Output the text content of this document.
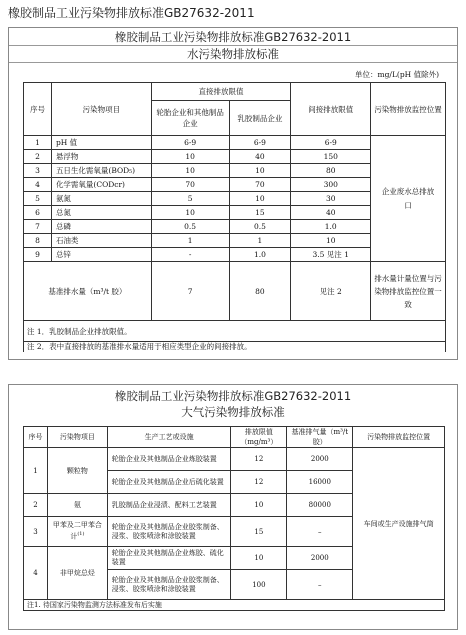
橡胶制品工业污染物排放标准GB27632-2011
橡胶制品工业污染物排放标准GB27632-2011
水污染物排放标准
单位：mg/L(pH 值除外)
序号	污染物项目	直接排放限值		间接排放限值	污染物排放监控位置
		轮胎企业和其他制品企业	乳胶制品企业		
1	pH 值	6-9	6-9	6-9	企业废水总排放口
2	悬浮物	10	40	150	
3	五日生化需氧量(BOD₅)	10	10	80	
4	化学需氧量(CODcr)	70	70	300	
5	氨氮	5	10	30	
6	总氮	10	15	40	
7	总磷	0.5	0.5	1.0	
8	石油类	1	1	10	
9	总锌	-	1.0	3.5 见注 1	
基准排水量（m³/t 胶）		7	80	见注 2	排水量计量位置与污染物排放监控位置一致
注 1．乳胶制品企业排放限值。					

注 2．表中直接排放的基准排水量适用于相应类型企业的间接排放。					
橡胶制品工业污染物排放标准GB27632-2011
大气污染物排放标准
序号	污染物项目	生产工艺或设施	排放限值（mg/m³）	基准排气量（m³/t 胶）	污染物排放监控位置
1	颗粒物	轮胎企业及其他制品企业炼胶装置	12	2000	车间或生产设施排气筒
		轮胎企业及其他制品企业后硫化装置	12	16000	
2	氨	乳胶制品企业浸渍、配料工艺装置	10	80000	
3	甲苯及二甲苯合计$^{(1)}$	轮胎企业及其他制品企业胶浆制备、浸浆、胶浆喷涂和涂胶装置	15	–	
4	非甲烷总烃	轮胎企业及其他制品企业炼胶、硫化装置	10	2000	
		轮胎企业及其他制品企业胶浆制备、浸浆、胶浆喷涂和涂胶装置	100	–	
注1. 待国家污染物监测方法标准发布后实施					
